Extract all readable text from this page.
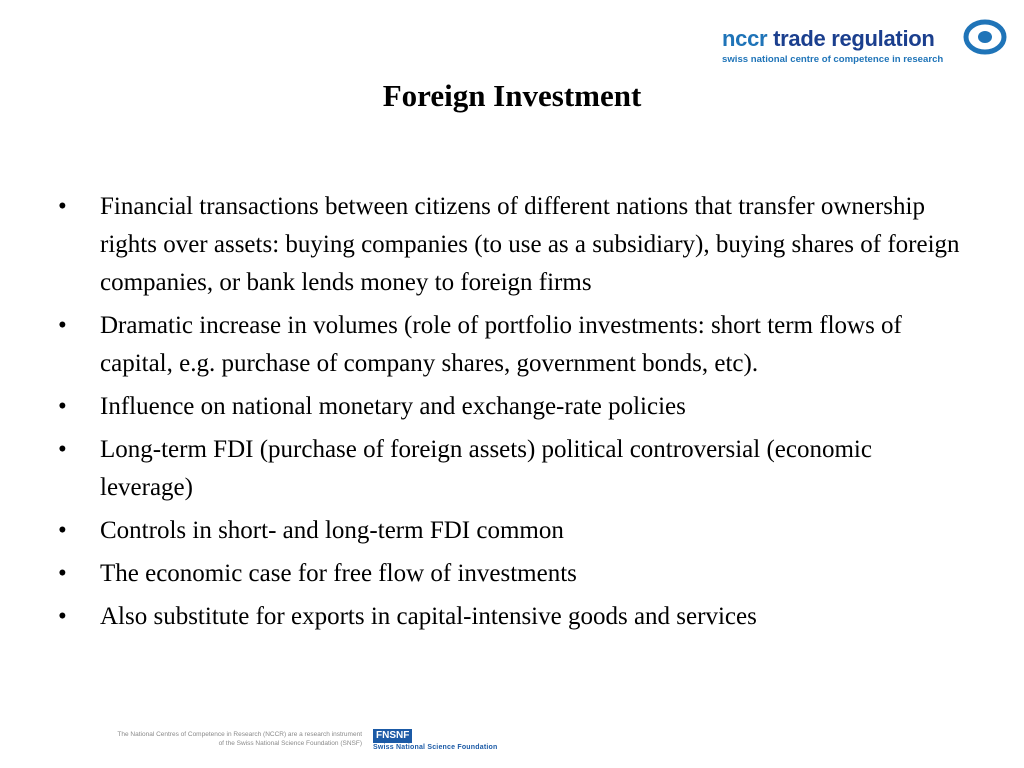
nccr trade regulation
swiss national centre of competence in research
Foreign Investment
•	Financial transactions between citizens of different nations that transfer ownership rights over assets: buying companies (to use as a subsidiary), buying shares of foreign companies, or bank lends money to foreign firms
•	Dramatic increase in volumes (role of portfolio investments: short term flows of capital, e.g. purchase of company shares, government bonds, etc).
•	Influence on national monetary and exchange-rate policies
•	Long-term FDI (purchase of foreign assets) political controversial (economic leverage)
•	Controls in short- and long-term FDI common
•	The economic case for free flow of investments
•	Also substitute for exports in capital-intensive goods and services
The National Centres of Competence in Research (NCCR) are a research instrument
of the Swiss National Science Foundation (SNSF)
FNSNF
Swiss National Science Foundation
